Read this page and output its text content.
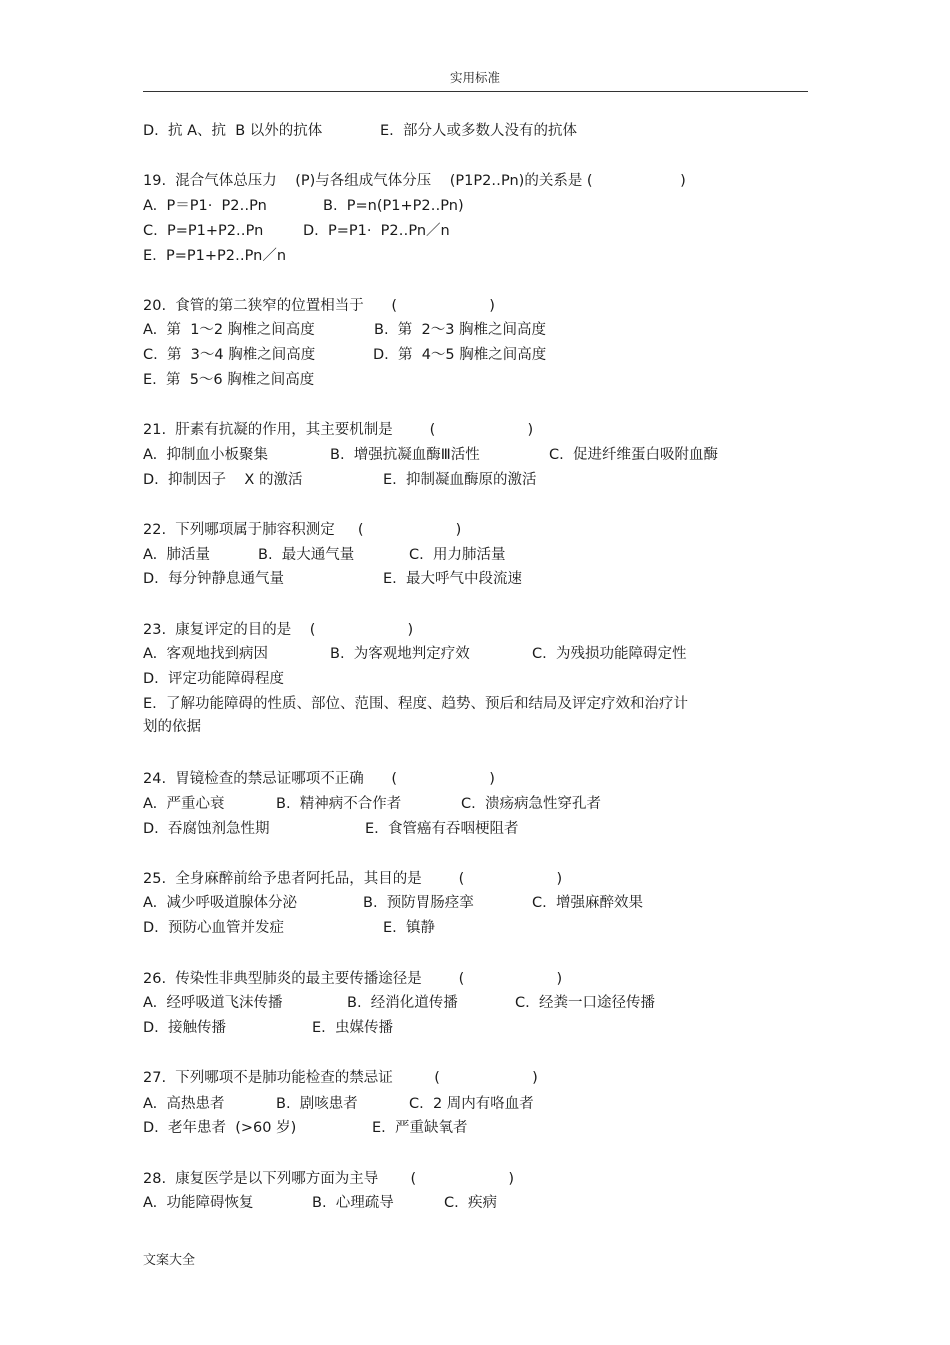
实用标准

D.  抗 A、抗  B 以外的抗体

	E.  部分人或多数人没有的抗体

19.  混合气体总压力    (P)与各组成气体分压    (P1P2‥Pn)的关系是 (                   )

A.  P＝P1·  P2‥Pn

	B.  P=n(P1+P2‥Pn)

C.  P=P1+P2‥Pn

	D.  P=P1·  P2‥Pn／n

E.  P=P1+P2‥Pn／n

20.  食管的第二狭窄的位置相当于      (                    )

A.  第  1～2 胸椎之间高度

	B.  第  2～3 胸椎之间高度

C.  第  3～4 胸椎之间高度

	D.  第  4～5 胸椎之间高度

E.  第  5～6 胸椎之间高度

21.  肝素有抗凝的作用，其主要机制是        (                    )

A.  抑制血小板聚集

	B.  增强抗凝血酶Ⅲ活性

	C.  促进纤维蛋白吸附血酶

D.  抑制因子    X 的激活

	E.  抑制凝血酶原的激活

22.  下列哪项属于肺容积测定     (                    )

A.  肺活量

	B.  最大通气量

	C.  用力肺活量

D.  每分钟静息通气量

	E.  最大呼气中段流速

23.  康复评定的目的是    (                    )

A.  客观地找到病因

	B.  为客观地判定疗效

	C.  为残损功能障碍定性

D.  评定功能障碍程度

E.  了解功能障碍的性质、部位、范围、程度、趋势、预后和结局及评定疗效和治疗计

划的依据

24.  胃镜检查的禁忌证哪项不正确      (                    )

A.  严重心衰

	B.  精神病不合作者

	C.  溃疡病急性穿孔者

D.  吞腐蚀剂急性期

	E.  食管癌有吞咽梗阻者

25.  全身麻醉前给予患者阿托品，其目的是        (                    )

A.  减少呼吸道腺体分泌

	B.  预防胃肠痉挛

	C.  增强麻醉效果

D.  预防心血管并发症

	E.  镇静

26.  传染性非典型肺炎的最主要传播途径是        (                    )

A.  经呼吸道飞沫传播

	B.  经消化道传播

	C.  经粪一口途径传播

D.  接触传播

	E.  虫媒传播

27.  下列哪项不是肺功能检查的禁忌证         (                    )

A.  高热患者

	B.  剧咳患者

	C.  2 周内有咯血者

D.  老年患者  (>60 岁)

	E.  严重缺氧者

28.  康复医学是以下列哪方面为主导       (                    )

A.  功能障碍恢复

	B.  心理疏导

	C.  疾病

文案大全
